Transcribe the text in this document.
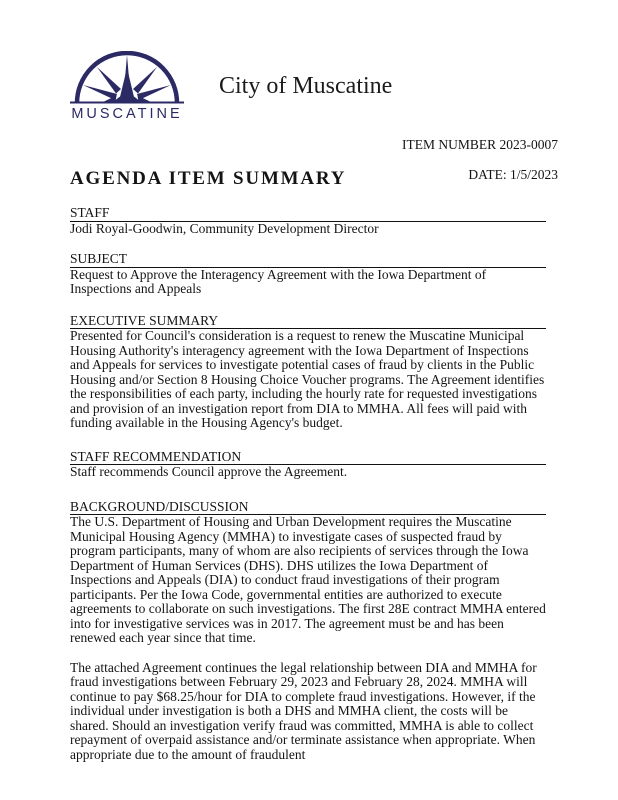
MUSCATINE
City of Muscatine
ITEM NUMBER 2023-0007
DATE: 1/5/2023
AGENDA ITEM SUMMARY
STAFF

Jodi Royal-Goodwin, Community Development Director

SUBJECT

Request to Approve the Interagency Agreement with the Iowa Department of Inspections and Appeals

EXECUTIVE SUMMARY

Presented for Council's consideration is a request to renew the Muscatine Municipal Housing Authority's interagency agreement with the Iowa Department of Inspections and Appeals for services to investigate potential cases of fraud by clients in the Public Housing and/or Section 8 Housing Choice Voucher programs. The Agreement identifies the responsibilities of each party, including the hourly rate for requested investigations and provision of an investigation report from DIA to MMHA. All fees will paid with funding available in the Housing Agency's budget.

STAFF RECOMMENDATION

Staff recommends Council approve the Agreement.

BACKGROUND/DISCUSSION

The U.S. Department of Housing and Urban Development requires the Muscatine Municipal Housing Agency (MMHA) to investigate cases of suspected fraud by program participants, many of whom are also recipients of services through the Iowa Department of Human Services (DHS). DHS utilizes the Iowa Department of Inspections and Appeals (DIA) to conduct fraud investigations of their program participants. Per the Iowa Code, governmental entities are authorized to execute agreements to collaborate on such investigations. The first 28E contract MMHA entered into for investigative services was in 2017. The agreement must be and has been renewed each year since that time.

The attached Agreement continues the legal relationship between DIA and MMHA for fraud investigations between February 29, 2023 and February 28, 2024. MMHA will continue to pay $68.25/hour for DIA to complete fraud investigations. However, if the individual under investigation is both a DHS and MMHA client, the costs will be shared. Should an investigation verify fraud was committed, MMHA is able to collect repayment of overpaid assistance and/or terminate assistance when appropriate. When appropriate due to the amount of fraudulent
